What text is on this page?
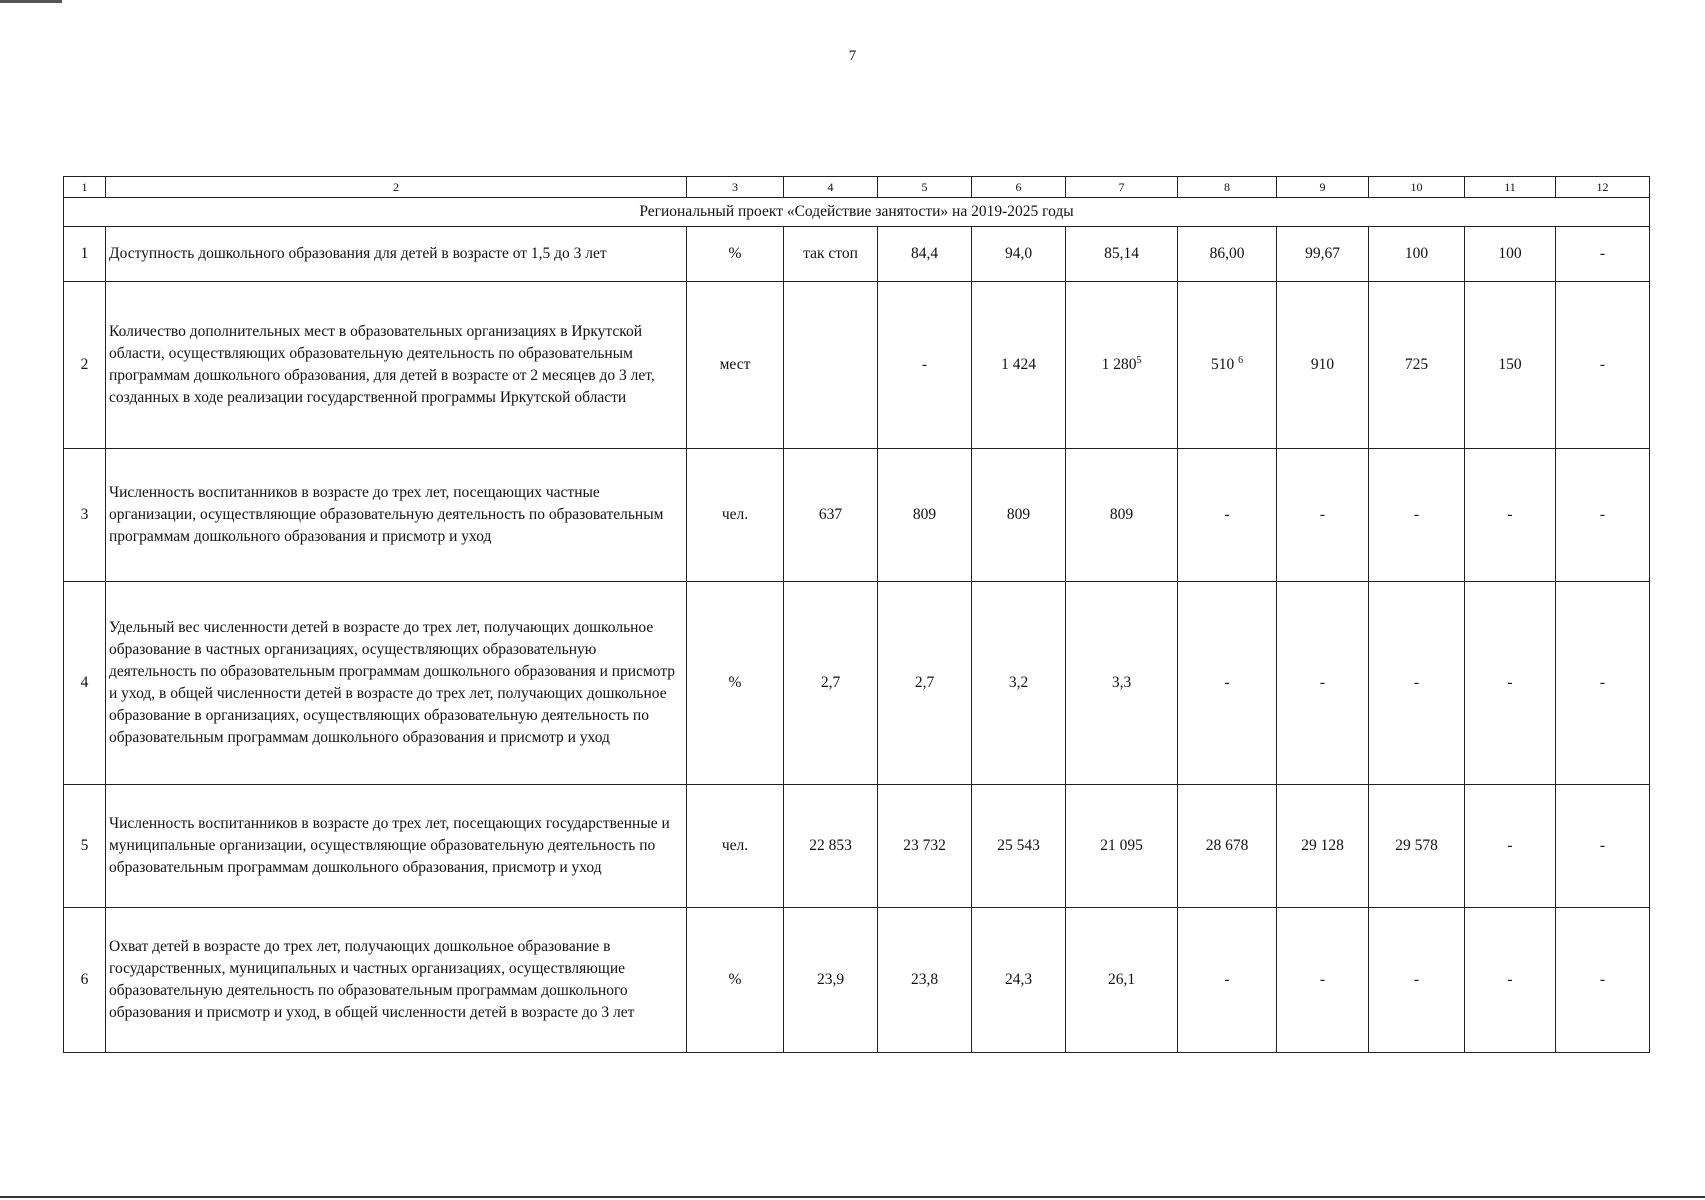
7
1	2	3	4	5	6	7	8	9	10	11	12
Региональный проект «Содействие занятости» на 2019-2025 годы											
1	Доступность дошкольного образования для детей в возрасте от 1,5 до 3 лет	%	так стоп	84,4	94,0	85,14	86,00	99,67	100	100	-
2	Количество дополнительных мест в образовательных организациях в Иркутской области, осуществляющих образовательную деятельность по образовательным программам дошкольного образования, для детей в возрасте от 2 месяцев до 3 лет, созданных в ходе реализации государственной программы Иркутской области	мест		-	1 424	1 $280^5$	510 $^6$	910	725	150	-
3	Численность воспитанников в возрасте до трех лет, посещающих частные организации, осуществляющие образовательную деятельность по образовательным программам дошкольного образования и присмотр и уход	чел.	637	809	809	809	-	-	-	-	-
4	Удельный вес численности детей в возрасте до трех лет, получающих дошкольное образование в частных организациях, осуществляющих образовательную деятельность по образовательным программам дошкольного образования и присмотр и уход, в общей численности детей в возрасте до трех лет, получающих дошкольное образование в организациях, осуществляющих образовательную деятельность по образовательным программам дошкольного образования и присмотр и уход	%	2,7	2,7	3,2	3,3	-	-	-	-	-
5	Численность воспитанников в возрасте до трех лет, посещающих государственные и муниципальные организации, осуществляющие образовательную деятельность по образовательным программам дошкольного образования, присмотр и уход	чел.	22 853	23 732	25 543	21 095	28 678	29 128	29 578	-	-
6	Охват детей в возрасте до трех лет, получающих дошкольное образование в государственных, муниципальных и частных организациях, осуществляющие образовательную деятельность по образовательным программам дошкольного образования и присмотр и уход, в общей численности детей в возрасте до 3 лет	%	23,9	23,8	24,3	26,1	-	-	-	-	-
